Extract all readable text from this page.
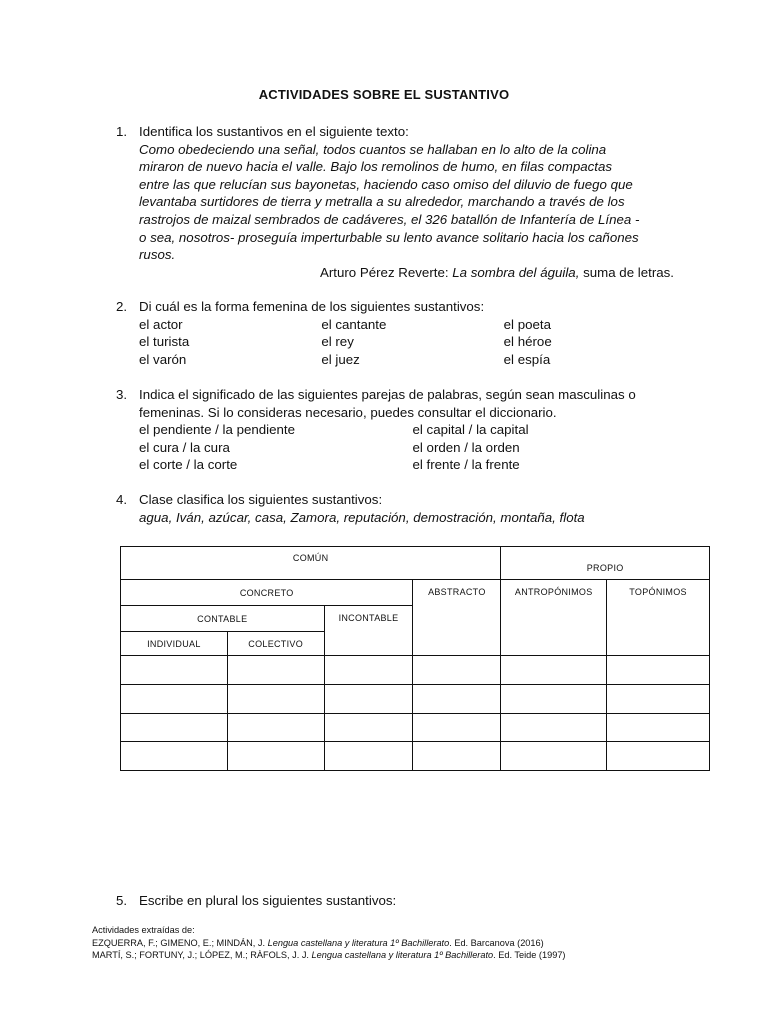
ACTIVIDADES SOBRE EL SUSTANTIVO
1. Identifica los sustantivos en el siguiente texto:
Como obedeciendo una señal, todos cuantos se hallaban en lo alto de la colina
miraron de nuevo hacia el valle. Bajo los remolinos de humo, en filas compactas
entre las que relucían sus bayonetas, haciendo caso omiso del diluvio de fuego que
levantaba surtidores de tierra y metralla a su alrededor, marchando a través de los
rastrojos de maizal sembrados de cadáveres, el 326 batallón de Infantería de Línea -
o sea, nosotros- proseguía imperturbable su lento avance solitario hacia los cañones
rusos.
Arturo Pérez Reverte: La sombra del águila, suma de letras.
2. Di cuál es la forma femenina de los siguientes sustantivos:
el actor	el cantante	el poeta
el turista	el rey	el héroe
el varón	el juez	el espía
3. Indica el significado de las siguientes parejas de palabras, según sean masculinas o
femeninas. Si lo consideras necesario, puedes consultar el diccionario.
el pendiente / la pendiente	el capital / la capital
el cura / la cura	el orden / la orden
el corte / la corte	el frente / la frente
4. Clase clasifica los siguientes sustantivos:
agua, Iván, azúcar, casa, Zamora, reputación, demostración, montaña, flota
COMÚN				PROPIO	
CONCRETO			ABSTRACTO	ANTROPÓNIMOS	TOPÓNIMOS
CONTABLE		INCONTABLE			
INDIVIDUAL	COLECTIVO				

5. Escribe en plural los siguientes sustantivos:
Actividades extraídas de:
EZQUERRA, F.; GIMENO, E.; MINDÁN, J. Lengua castellana y literatura 1º Bachillerato. Ed. Barcanova (2016)
MARTÍ, S.; FORTUNY, J.; LÓPEZ, M.; RÀFOLS, J. J. Lengua castellana y literatura 1º Bachillerato. Ed. Teide (1997)
